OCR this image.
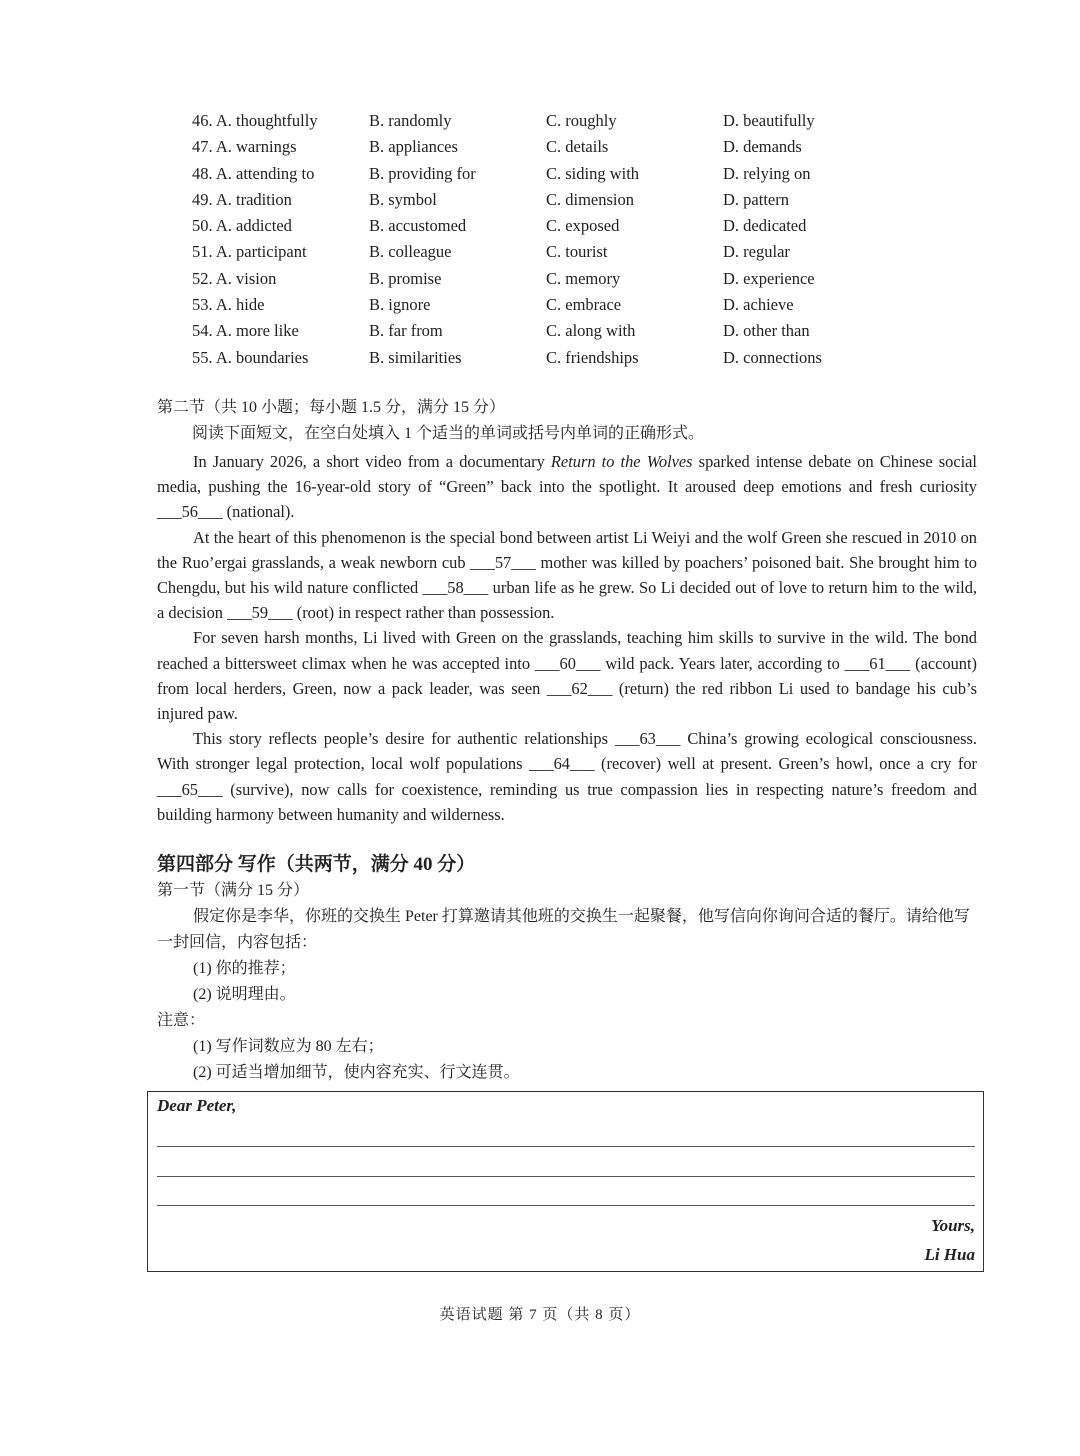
46. A. thoughtfully	B. randomly	C. roughly	D. beautifully
47. A. warnings	B. appliances	C. details	D. demands
48. A. attending to	B. providing for	C. siding with	D. relying on
49. A. tradition	B. symbol	C. dimension	D. pattern
50. A. addicted	B. accustomed	C. exposed	D. dedicated
51. A. participant	B. colleague	C. tourist	D. regular
52. A. vision	B. promise	C. memory	D. experience
53. A. hide	B. ignore	C. embrace	D. achieve
54. A. more like	B. far from	C. along with	D. other than
55. A. boundaries	B. similarities	C. friendships	D. connections
第二节（共 10 小题；每小题 1.5 分，满分 15 分）
阅读下面短文，在空白处填入 1 个适当的单词或括号内单词的正确形式。

In January 2026, a short video from a documentary Return to the Wolves sparked intense debate on Chinese social media, pushing the 16-year-old story of “Green” back into the spotlight. It aroused deep emotions and fresh curiosity ___56___ (national).

At the heart of this phenomenon is the special bond between artist Li Weiyi and the wolf Green she rescued in 2010 on the Ruo’ergai grasslands, a weak newborn cub ___57___ mother was killed by poachers’ poisoned bait. She brought him to Chengdu, but his wild nature conflicted ___58___ urban life as he grew. So Li decided out of love to return him to the wild, a decision ___59___ (root) in respect rather than possession.

For seven harsh months, Li lived with Green on the grasslands, teaching him skills to survive in the wild. The bond reached a bittersweet climax when he was accepted into ___60___ wild pack. Years later, according to ___61___ (account) from local herders, Green, now a pack leader, was seen ___62___ (return) the red ribbon Li used to bandage his cub’s injured paw.

This story reflects people’s desire for authentic relationships ___63___ China’s growing ecological consciousness. With stronger legal protection, local wolf populations ___64___ (recover) well at present. Green’s howl, once a cry for ___65___ (survive), now calls for coexistence, reminding us true compassion lies in respecting nature’s freedom and building harmony between humanity and wilderness.

第四部分 写作（共两节，满分 40 分）
第一节（满分 15 分）

假定你是李华，你班的交换生 Peter 打算邀请其他班的交换生一起聚餐，他写信向你询问合适的餐厅。请给他写一封回信，内容包括：

(1) 你的推荐；

(2) 说明理由。

注意：

(1) 写作词数应为 80 左右；

(2) 可适当增加细节，使内容充实、行文连贯。

Dear Peter,
Yours,
Li Hua
英语试题 第 7 页（共 8 页）
